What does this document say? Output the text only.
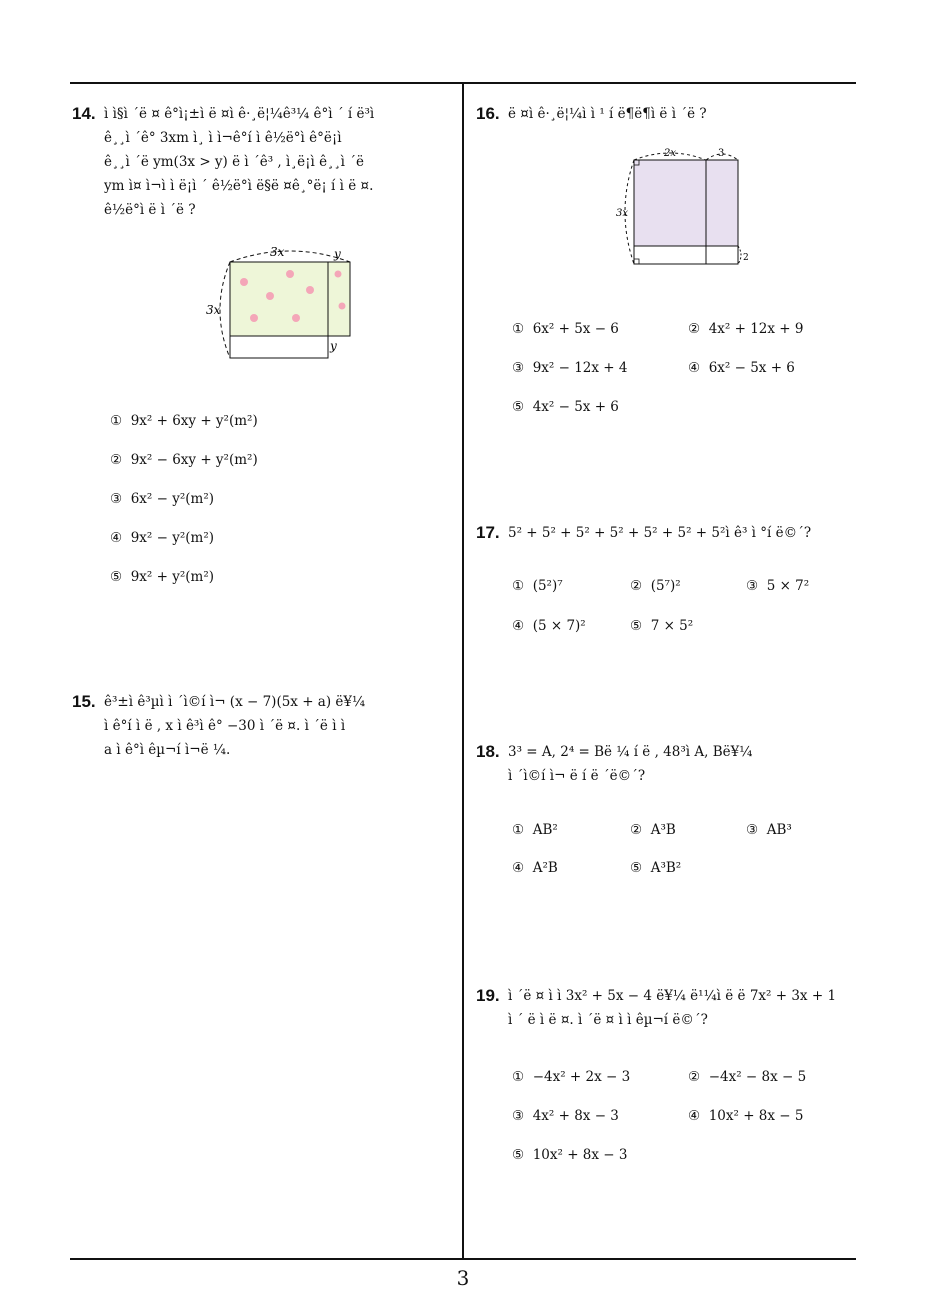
14. ì ì§ì ´ë ¤ ê°ì¡±ì ë ¤ì ê·¸ë¦¼ê³¼ ê°ì ´ í ë³ì
ê¸¸ì ´ê° 3xm ì¸ ì ì¬ê°í ì ê½ë°ì ê°ë¡ì
ê¸¸ì ´ë ym(3x > y) ë ì ´ê³ , ì¸ë¡ì ê¸¸ì ´ë
ym ì¤ ì¬ì ì ë¡ì ´ ê½ë°ì ë§ë ¤ê¸°ë¡ í ì ë ¤.
ê½ë°ì ë ì ´ë ?
3x
3x
y
y
① 9x² + 6xy + y²(m²)
② 9x² − 6xy + y²(m²)
③ 6x² − y²(m²)
④ 9x² − y²(m²)
⑤ 9x² + y²(m²)
15. ê³±ì ê³µì ì ´ì©í ì¬ (x − 7)(5x + a) ë¥¼
ì ê°í ì ë , x ì ê³ì ê° −30 ì ´ë ¤. ì ´ë ì ì
a ì ê°ì êµ¬í ì¬ë ¼.
16. ë ¤ì ê·¸ë¦¼ì ì ¹ í ë¶ë¶ì ë ì ´ë ?
2x	3
3x
2
① 6x² + 5x − 6	② 4x² + 12x + 9
③ 9x² − 12x + 4	④ 6x² − 5x + 6
⑤ 4x² − 5x + 6
17. 5² + 5² + 5² + 5² + 5² + 5² + 5²ì ê³ ì °í ë©´?
① (5²)⁷	② (5⁷)²	③ 5 × 7²
④ (5 × 7)²	⑤ 7 × 5²
18. 3³ = A, 2⁴ = Bë ¼ í ë , 48³ì A, Bë¥¼
ì ´ì©í ì¬ ë í ë ´ë©´?
① AB²	② A³B	③ AB³
④ A²B	⑤ A³B²
19. ì ´ë ¤ ì ì 3x² + 5x − 4 ë¥¼ ë¹¼ì ë ë 7x² + 3x + 1
ì ´ ë ì ë ¤. ì ´ë ¤ ì ì êµ¬í ë©´?
① −4x² + 2x − 3	② −4x² − 8x − 5
③ 4x² + 8x − 3	④ 10x² + 8x − 5
⑤ 10x² + 8x − 3
3
